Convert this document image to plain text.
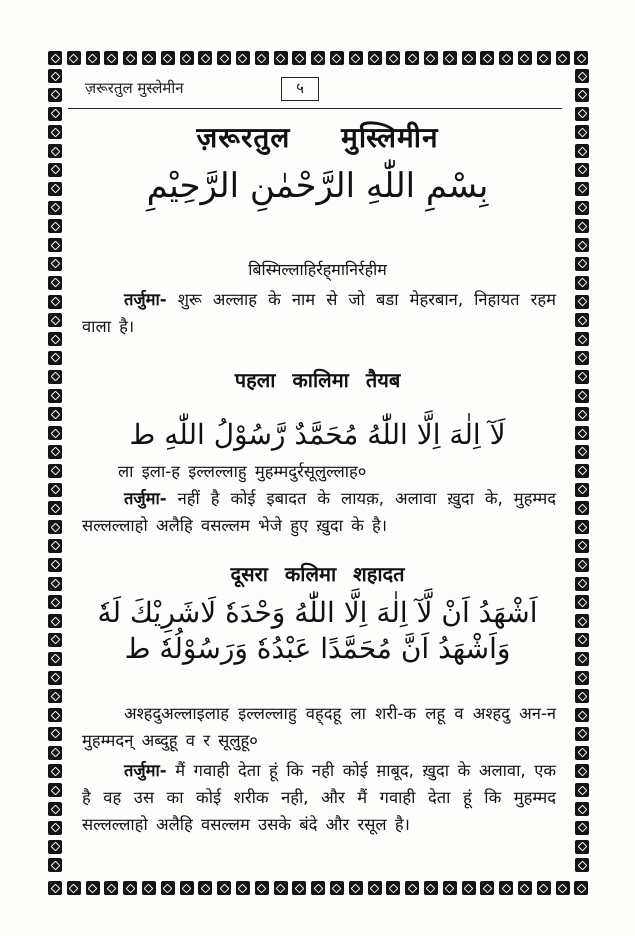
ज़रूरतुल मुस्लेमीन	५
ज़रूरतुल मुस्लिमीन
بِسْمِ اللّٰهِ الرَّحْمٰنِ الرَّحِيْمِ
बिस्मिल्लाहिर्रह्‌मानिर्रहीम
तर्जुमा- शुरू अल्लाह के नाम से जो बडा मेहरबान, निहायत रहम वाला है।
पहला कालिमा तैयब
لَآ اِلٰهَ اِلَّا اللّٰهُ مُحَمَّدٌ رَّسُوْلُ اللّٰهِ ط
ला इला-ह इल्लल्लाहु मुहम्मदुर्रसूलुल्लाह०
तर्जुमा- नहीं है कोई इबादत के लायक़, अलावा ख़ुदा के, मुहम्मद सल्लल्लाहो अलैहि वसल्लम भेजे हुए ख़ुदा के है।
दूसरा कलिमा शहादत
اَشْهَدُ اَنْ لَّآ اِلٰهَ اِلَّا اللّٰهُ وَحْدَهٗ لَاشَرِيْكَ لَهٗ
وَاَشْهَدُ اَنَّ مُحَمَّدًا عَبْدُهٗ وَرَسُوْلُهٗ ط
अश्हदुअल्लाइलाह इल्लल्लाहु वह्‌दहू ला शरी-क लहू व अश्हदु अन-न मुहम्मदन् अब्दुहू व र सूलुहू०
तर्जुमा- मैं गवाही देता हूं कि नही कोई म़ाबूद, ख़ुदा के अलावा, एक है वह उस का कोई शरीक नही, और मैं गवाही देता हूं कि मुहम्मद सल्लल्लाहो अलैहि वसल्लम उसके बंदे और रसूल है।
